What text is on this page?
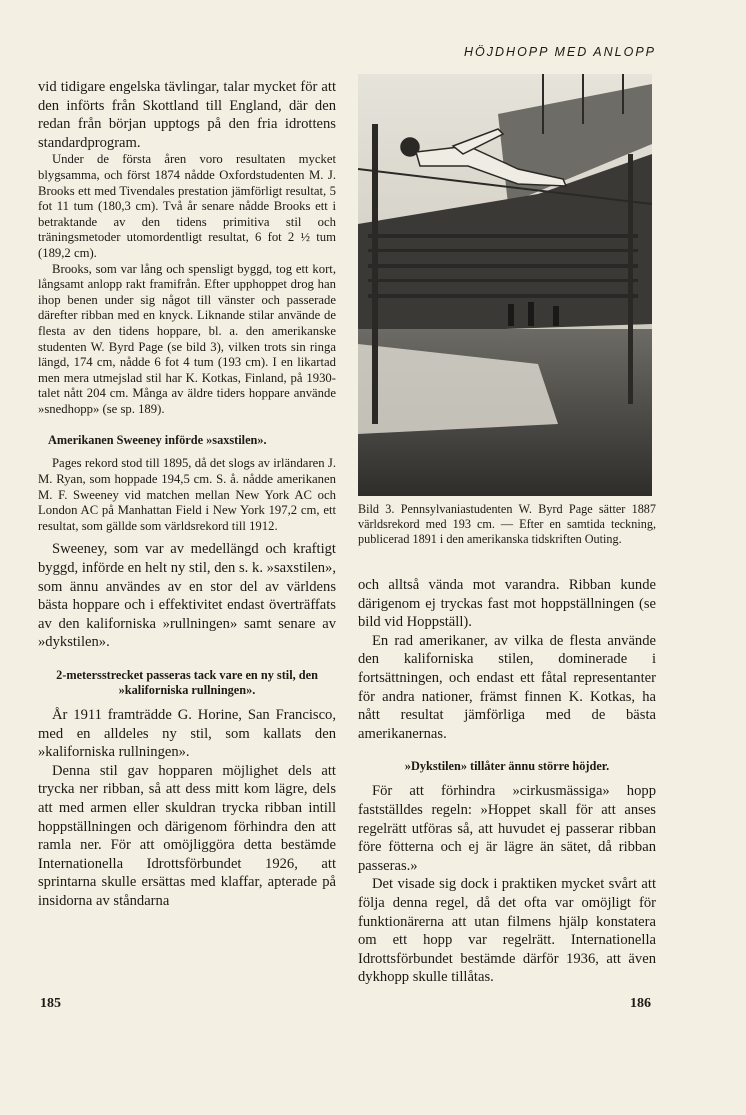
HÖJDHOPP MED ANLOPP

vid tidigare engelska tävlingar, talar mycket för att den införts från Skottland till England, där den redan från början upptogs på den fria idrottens standardprogram.

Under de första åren voro resultaten mycket blygsamma, och först 1874 nådde Oxfordstudenten M. J. Brooks ett med Tivendales prestation jämförligt resultat, 5 fot 11 tum (180,3 cm). Två år senare nådde Brooks ett i betraktande av den tidens primitiva stil och träningsmetoder utomordentligt resultat, 6 fot 2 ½ tum (189,2 cm).

Brooks, som var lång och spensligt byggd, tog ett kort, långsamt anlopp rakt framifrån. Efter upphoppet drog han ihop benen under sig något till vänster och passerade därefter ribban med en knyck. Liknande stilar använde de flesta av den tidens hoppare, bl. a. den amerikanske studenten W. Byrd Page (se bild 3), vilken trots sin ringa längd, 174 cm, nådde 6 fot 4 tum (193 cm). I en likartad men mera utmejslad stil har K. Kotkas, Finland, på 1930-talet nått 204 cm. Många av äldre tiders hoppare använde »snedhopp» (se sp. 189).

Amerikanen Sweeney införde »saxstilen».

Pages rekord stod till 1895, då det slogs av irländaren J. M. Ryan, som hoppade 194,5 cm. S. å. nådde amerikanen M. F. Sweeney vid matchen mellan New York AC och London AC på Manhattan Field i New York 197,2 cm, ett resultat, som gällde som världsrekord till 1912.

Sweeney, som var av medellängd och kraftigt byggd, införde en helt ny stil, den s. k. »saxstilen», som ännu användes av en stor del av världens bästa hoppare och i effektivitet endast överträffats av den kaliforniska »rullningen» samt senare av »dykstilen».

2-metersstrecket passeras tack vare en ny stil, den »kaliforniska rullningen».

År 1911 framträdde G. Horine, San Francisco, med en alldeles ny stil, som kallats den »kaliforniska rullningen».

Denna stil gav hopparen möjlighet dels att trycka ner ribban, så att dess mitt kom lägre, dels att med armen eller skuldran trycka ribban intill hoppställningen och därigenom förhindra den att ramla ner. För att omöjliggöra detta bestämde Internationella Idrottsförbundet 1926, att sprintarna skulle ersättas med klaffar, apterade på insidorna av ståndarna

Bild 3. Pennsylvaniastudenten W. Byrd Page sätter 1887 världsrekord med 193 cm. — Efter en samtida teckning, publicerad 1891 i den amerikanska tidskriften Outing.

och alltså vända mot varandra. Ribban kunde därigenom ej tryckas fast mot hoppställningen (se bild vid Hoppställ).

En rad amerikaner, av vilka de flesta använde den kaliforniska stilen, dominerade i fortsättningen, och endast ett fåtal representanter för andra nationer, främst finnen K. Kotkas, ha nått resultat jämförliga med de bästa amerikanernas.

»Dykstilen» tillåter ännu större höjder.

För att förhindra »cirkusmässiga» hopp fastställdes regeln: »Hoppet skall för att anses regelrätt utföras så, att huvudet ej passerar ribban före fötterna och ej är lägre än sätet, då ribban passeras.»

Det visade sig dock i praktiken mycket svårt att följa denna regel, då det ofta var omöjligt för funktionärerna att utan filmens hjälp konstatera om ett hopp var regelrätt. Internationella Idrottsförbundet bestämde därför 1936, att även dykhopp skulle tillåtas.

185	186
